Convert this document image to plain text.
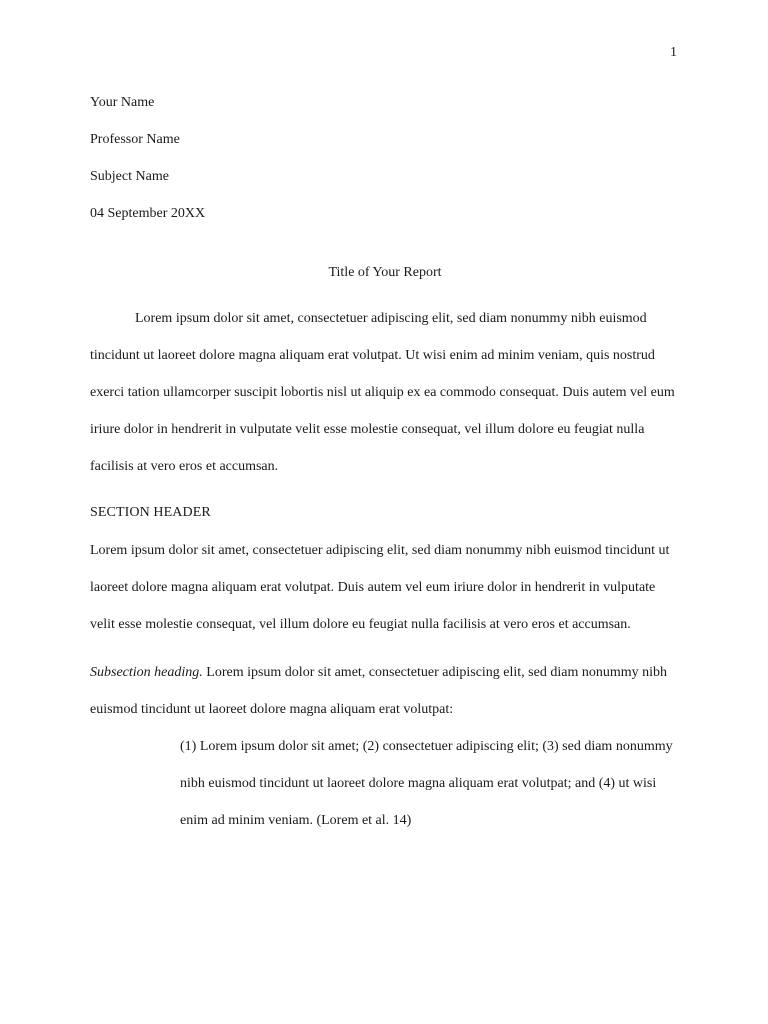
1
Your Name
Professor Name
Subject Name
04 September 20XX
Title of Your Report

Lorem ipsum dolor sit amet, consectetuer adipiscing elit, sed diam nonummy nibh euismod tincidunt ut laoreet dolore magna aliquam erat volutpat. Ut wisi enim ad minim veniam, quis nostrud exerci tation ullamcorper suscipit lobortis nisl ut aliquip ex ea commodo consequat. Duis autem vel eum iriure dolor in hendrerit in vulputate velit esse molestie consequat, vel illum dolore eu feugiat nulla facilisis at vero eros et accumsan.

SECTION HEADER

Lorem ipsum dolor sit amet, consectetuer adipiscing elit, sed diam nonummy nibh euismod tincidunt ut laoreet dolore magna aliquam erat volutpat. Duis autem vel eum iriure dolor in hendrerit in vulputate velit esse molestie consequat, vel illum dolore eu feugiat nulla facilisis at vero eros et accumsan.

Subsection heading. Lorem ipsum dolor sit amet, consectetuer adipiscing elit, sed diam nonummy nibh euismod tincidunt ut laoreet dolore magna aliquam erat volutpat:

(1) Lorem ipsum dolor sit amet; (2) consectetuer adipiscing elit; (3) sed diam nonummy nibh euismod tincidunt ut laoreet dolore magna aliquam erat volutpat; and (4) ut wisi enim ad minim veniam. (Lorem et al. 14)
